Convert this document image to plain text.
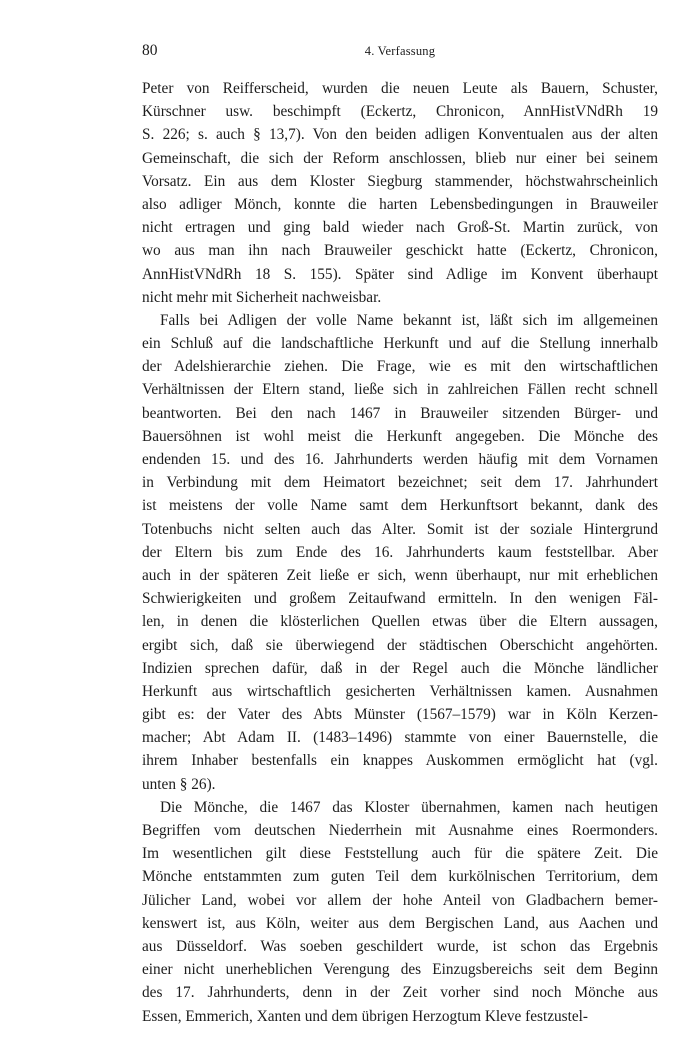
80	4. Verfassung
Peter von Reifferscheid, wurden die neuen Leute als Bauern, Schuster,
Kürschner usw. beschimpft (Eckertz, Chronicon, AnnHistVNdRh 19
S. 226; s. auch § 13,7). Von den beiden adligen Konventualen aus der alten
Gemeinschaft, die sich der Reform anschlossen, blieb nur einer bei seinem
Vorsatz. Ein aus dem Kloster Siegburg stammender, höchstwahrscheinlich
also adliger Mönch, konnte die harten Lebensbedingungen in Brauweiler
nicht ertragen und ging bald wieder nach Groß-St. Martin zurück, von
wo aus man ihn nach Brauweiler geschickt hatte (Eckertz, Chronicon,
AnnHistVNdRh 18 S. 155). Später sind Adlige im Konvent überhaupt
nicht mehr mit Sicherheit nachweisbar.
Falls bei Adligen der volle Name bekannt ist, läßt sich im allgemeinen
ein Schluß auf die landschaftliche Herkunft und auf die Stellung innerhalb
der Adelshierarchie ziehen. Die Frage, wie es mit den wirtschaftlichen
Verhältnissen der Eltern stand, ließe sich in zahlreichen Fällen recht schnell
beantworten. Bei den nach 1467 in Brauweiler sitzenden Bürger- und
Bauersöhnen ist wohl meist die Herkunft angegeben. Die Mönche des
endenden 15. und des 16. Jahrhunderts werden häufig mit dem Vornamen
in Verbindung mit dem Heimatort bezeichnet; seit dem 17. Jahrhundert
ist meistens der volle Name samt dem Herkunftsort bekannt, dank des
Totenbuchs nicht selten auch das Alter. Somit ist der soziale Hintergrund
der Eltern bis zum Ende des 16. Jahrhunderts kaum feststellbar. Aber
auch in der späteren Zeit ließe er sich, wenn überhaupt, nur mit erheblichen
Schwierigkeiten und großem Zeitaufwand ermitteln. In den wenigen Fäl-
len, in denen die klösterlichen Quellen etwas über die Eltern aussagen,
ergibt sich, daß sie überwiegend der städtischen Oberschicht angehörten.
Indizien sprechen dafür, daß in der Regel auch die Mönche ländlicher
Herkunft aus wirtschaftlich gesicherten Verhältnissen kamen. Ausnahmen
gibt es: der Vater des Abts Münster (1567–1579) war in Köln Kerzen-
macher; Abt Adam II. (1483–1496) stammte von einer Bauernstelle, die
ihrem Inhaber bestenfalls ein knappes Auskommen ermöglicht hat (vgl.
unten § 26).
Die Mönche, die 1467 das Kloster übernahmen, kamen nach heutigen
Begriffen vom deutschen Niederrhein mit Ausnahme eines Roermonders.
Im wesentlichen gilt diese Feststellung auch für die spätere Zeit. Die
Mönche entstammten zum guten Teil dem kurkölnischen Territorium, dem
Jülicher Land, wobei vor allem der hohe Anteil von Gladbachern bemer-
kenswert ist, aus Köln, weiter aus dem Bergischen Land, aus Aachen und
aus Düsseldorf. Was soeben geschildert wurde, ist schon das Ergebnis
einer nicht unerheblichen Verengung des Einzugsbereichs seit dem Beginn
des 17. Jahrhunderts, denn in der Zeit vorher sind noch Mönche aus
Essen, Emmerich, Xanten und dem übrigen Herzogtum Kleve festzustel-
